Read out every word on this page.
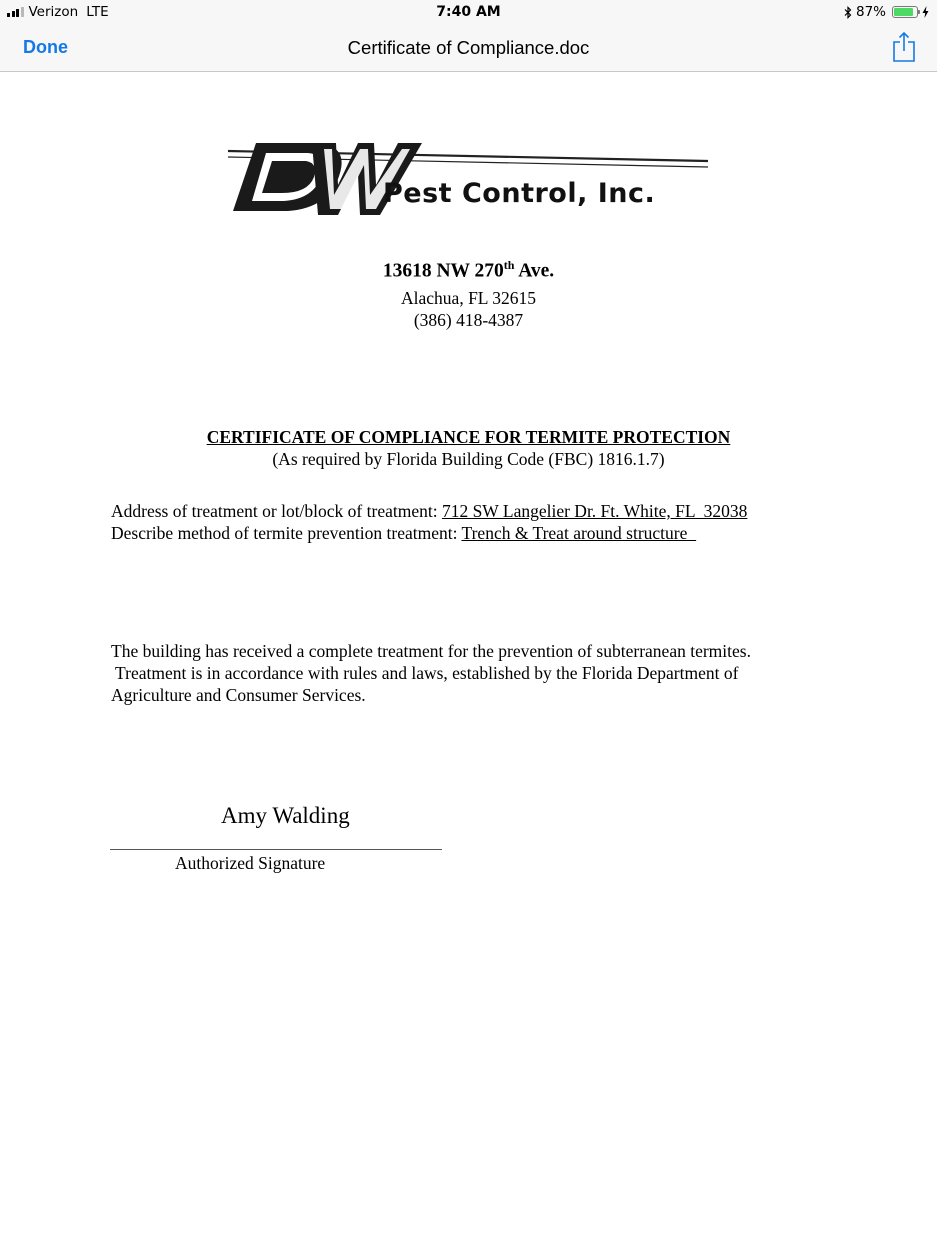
Verizon LTE	7:40 AM	87%
Done	Certificate of Compliance.doc
Pest Control, Inc.
13618 NW 270th Ave.
Alachua, FL 32615
(386) 418-4387
CERTIFICATE OF COMPLIANCE FOR TERMITE PROTECTION
(As required by Florida Building Code (FBC) 1816.1.7)
Address of treatment or lot/block of treatment: 712 SW Langelier Dr. Ft. White, FL  32038
Describe method of termite prevention treatment: Trench & Treat around structure
The building has received a complete treatment for the prevention of subterranean termites.
Treatment is in accordance with rules and laws, established by the Florida Department of
Agriculture and Consumer Services.
Amy Walding
Authorized Signature
